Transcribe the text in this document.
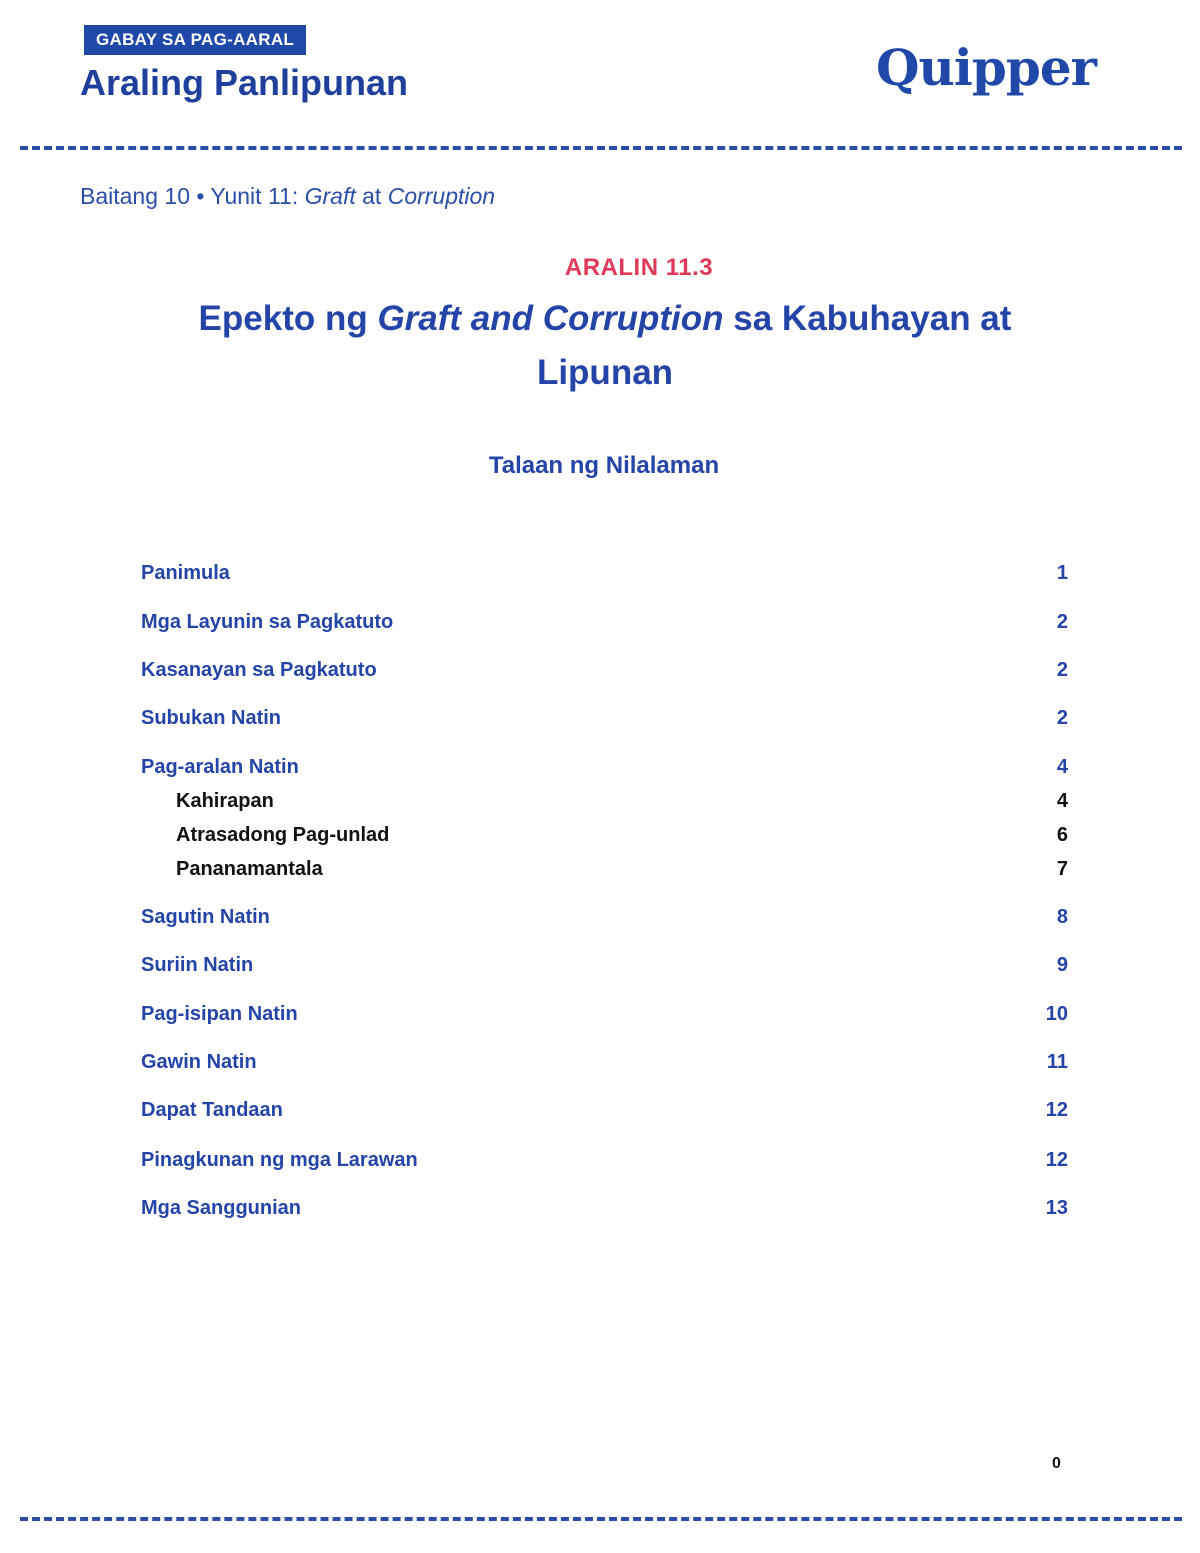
GABAY SA PAG-AARAL
Araling Panlipunan	Quipper
Baitang 10 • Yunit 11: Graft at Corruption
ARALIN 11.3
Epekto ng Graft and Corruption sa Kabuhayan at Lipunan
Talaan ng Nilalaman
Panimula	1
Mga Layunin sa Pagkatuto	2
Kasanayan sa Pagkatuto	2
Subukan Natin	2
Pag-aralan Natin	4
Kahirapan	4
Atrasadong Pag-unlad	6
Pananamantala	7
Sagutin Natin	8
Suriin Natin	9
Pag-isipan Natin	10
Gawin Natin	11
Dapat Tandaan	12
Pinagkunan ng mga Larawan	12
Mga Sanggunian	13
0
